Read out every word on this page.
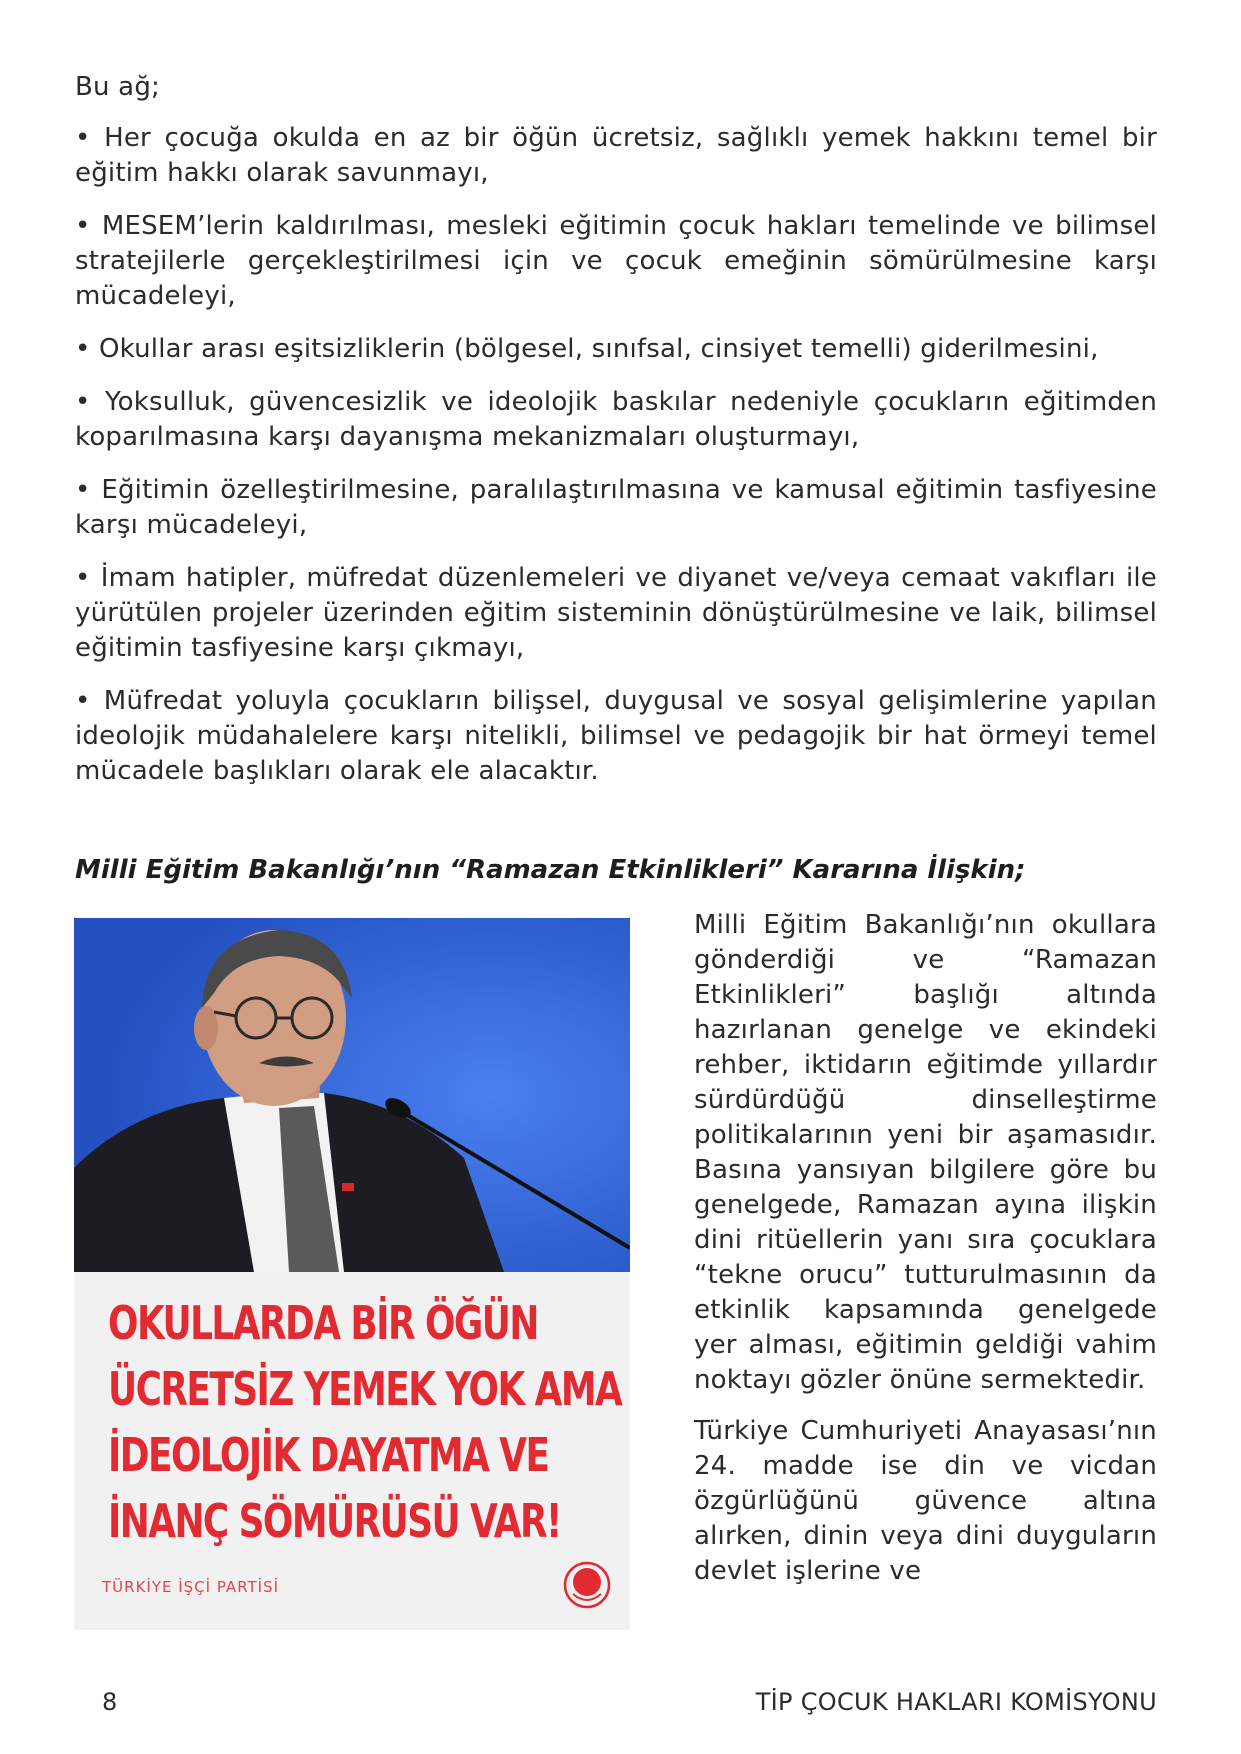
Bu ağ;

• Her çocuğa okulda en az bir öğün ücretsiz, sağlıklı yemek hakkını temel bir eğitim hakkı olarak savunmayı,

• MESEM’lerin kaldırılması, mesleki eğitimin çocuk hakları temelinde ve bilimsel stratejilerle gerçekleştirilmesi için ve çocuk emeğinin sömürülmesine karşı mücadeleyi,

• Okullar arası eşitsizliklerin (bölgesel, sınıfsal, cinsiyet temelli) giderilmesini,

• Yoksulluk, güvencesizlik ve ideolojik baskılar nedeniyle çocukların eğitimden koparılmasına karşı dayanışma mekanizmaları oluşturmayı,

• Eğitimin özelleştirilmesine, paralılaştırılmasına ve kamusal eğitimin tasfiyesine karşı mücadeleyi,

• İmam hatipler, müfredat düzenlemeleri ve diyanet ve/veya cemaat vakıfları ile yürütülen projeler üzerinden eğitim sisteminin dönüştürülmesine ve laik, bilimsel eğitimin tasfiyesine karşı çıkmayı,

• Müfredat yoluyla çocukların bilişsel, duygusal ve sosyal gelişimlerine yapılan ideolojik müdahalelere karşı nitelikli, bilimsel ve pedagojik bir hat örmeyi temel mücadele başlıkları olarak ele alacaktır.

Milli Eğitim Bakanlığı’nın “Ramazan Etkinlikleri” Kararına İlişkin;
OKULLARDA BİR ÖĞÜN
ÜCRETSİZ YEMEK YOK AMA
İDEOLOJİK DAYATMA VE
İNANÇ SÖMÜRÜSÜ VAR!
TÜRKİYE İŞÇİ PARTİSİ

Milli Eğitim Bakanlığı’nın okullara gönderdiği ve “Ramazan Etkinlikleri” başlığı altında hazırlanan genelge ve ekindeki rehber, iktidarın eğitimde yıllardır sürdürdüğü dinselleştirme politikalarının yeni bir aşamasıdır. Basına yansıyan bilgilere göre bu genelgede, Ramazan ayına ilişkin dini ritüellerin yanı sıra çocuklara “tekne orucu” tutturulmasının da etkinlik kapsamında genelgede yer alması, eğitimin geldiği vahim noktayı gözler önüne sermektedir.

Türkiye Cumhuriyeti Anayasası’nın 24. madde ise din ve vicdan özgürlüğünü güvence altına alırken, dinin veya dini duyguların devlet işlerine ve

8	TİP ÇOCUK HAKLARI KOMİSYONU
